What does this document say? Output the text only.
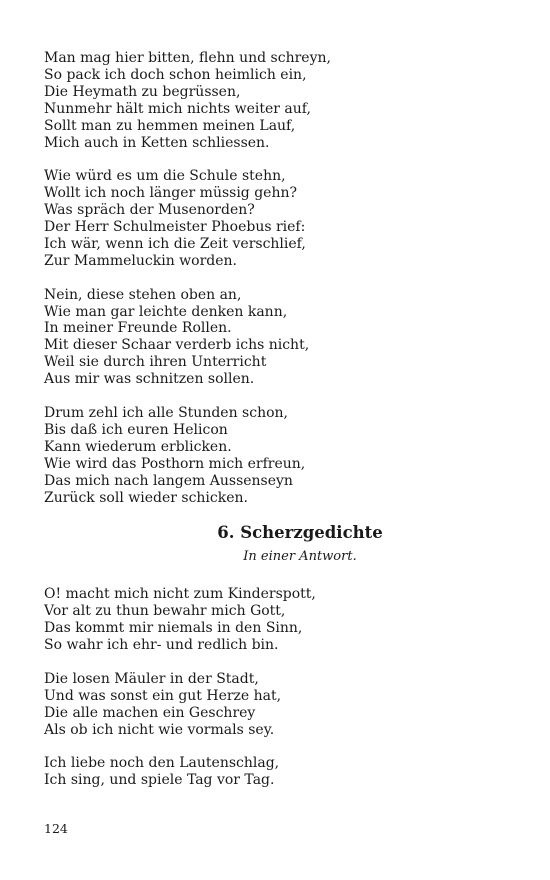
Man mag hier bitten, flehn und schreyn,
So pack ich doch schon heimlich ein,
Die Heymath zu begrüssen,
Nunmehr hält mich nichts weiter auf,
Sollt man zu hemmen meinen Lauf,
Mich auch in Ketten schliessen.
Wie würd es um die Schule stehn,
Wollt ich noch länger müssig gehn?
Was spräch der Musenorden?
Der Herr Schulmeister Phoebus rief:
Ich wär, wenn ich die Zeit verschlief,
Zur Mammeluckin worden.
Nein, diese stehen oben an,
Wie man gar leichte denken kann,
In meiner Freunde Rollen.
Mit dieser Schaar verderb ichs nicht,
Weil sie durch ihren Unterricht
Aus mir was schnitzen sollen.
Drum zehl ich alle Stunden schon,
Bis daß ich euren Helicon
Kann wiederum erblicken.
Wie wird das Posthorn mich erfreun,
Das mich nach langem Aussenseyn
Zurück soll wieder schicken.
6. Scherzgedichte
In einer Antwort.
O! macht mich nicht zum Kinderspott,
Vor alt zu thun bewahr mich Gott,
Das kommt mir niemals in den Sinn,
So wahr ich ehr- und redlich bin.
Die losen Mäuler in der Stadt,
Und was sonst ein gut Herze hat,
Die alle machen ein Geschrey
Als ob ich nicht wie vormals sey.
Ich liebe noch den Lautenschlag,
Ich sing, und spiele Tag vor Tag.
124
